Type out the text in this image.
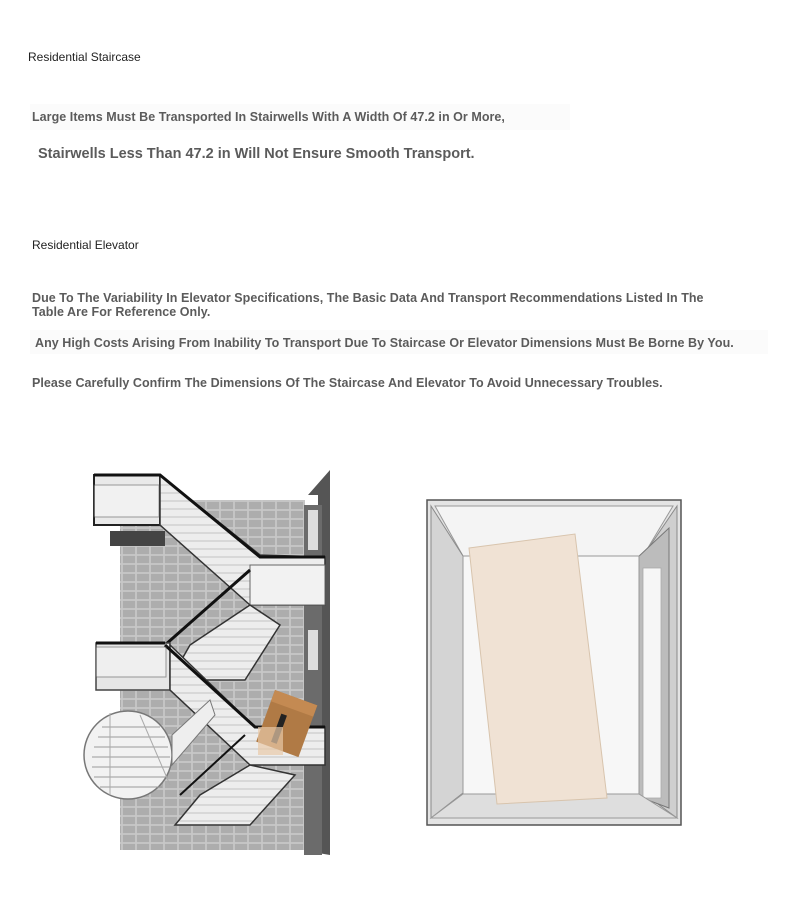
Residential Staircase

Large Items Must Be Transported In Stairwells With A Width Of 47.2 in Or More,

Stairwells Less Than 47.2 in Will Not Ensure Smooth Transport.

Residential Elevator

Due To The Variability In Elevator Specifications, The Basic Data And Transport Recommendations Listed In The Table Are For Reference Only.

Any High Costs Arising From Inability To Transport Due To Staircase Or Elevator Dimensions Must Be Borne By You.

Please Carefully Confirm The Dimensions Of The Staircase And Elevator To Avoid Unnecessary Troubles.
